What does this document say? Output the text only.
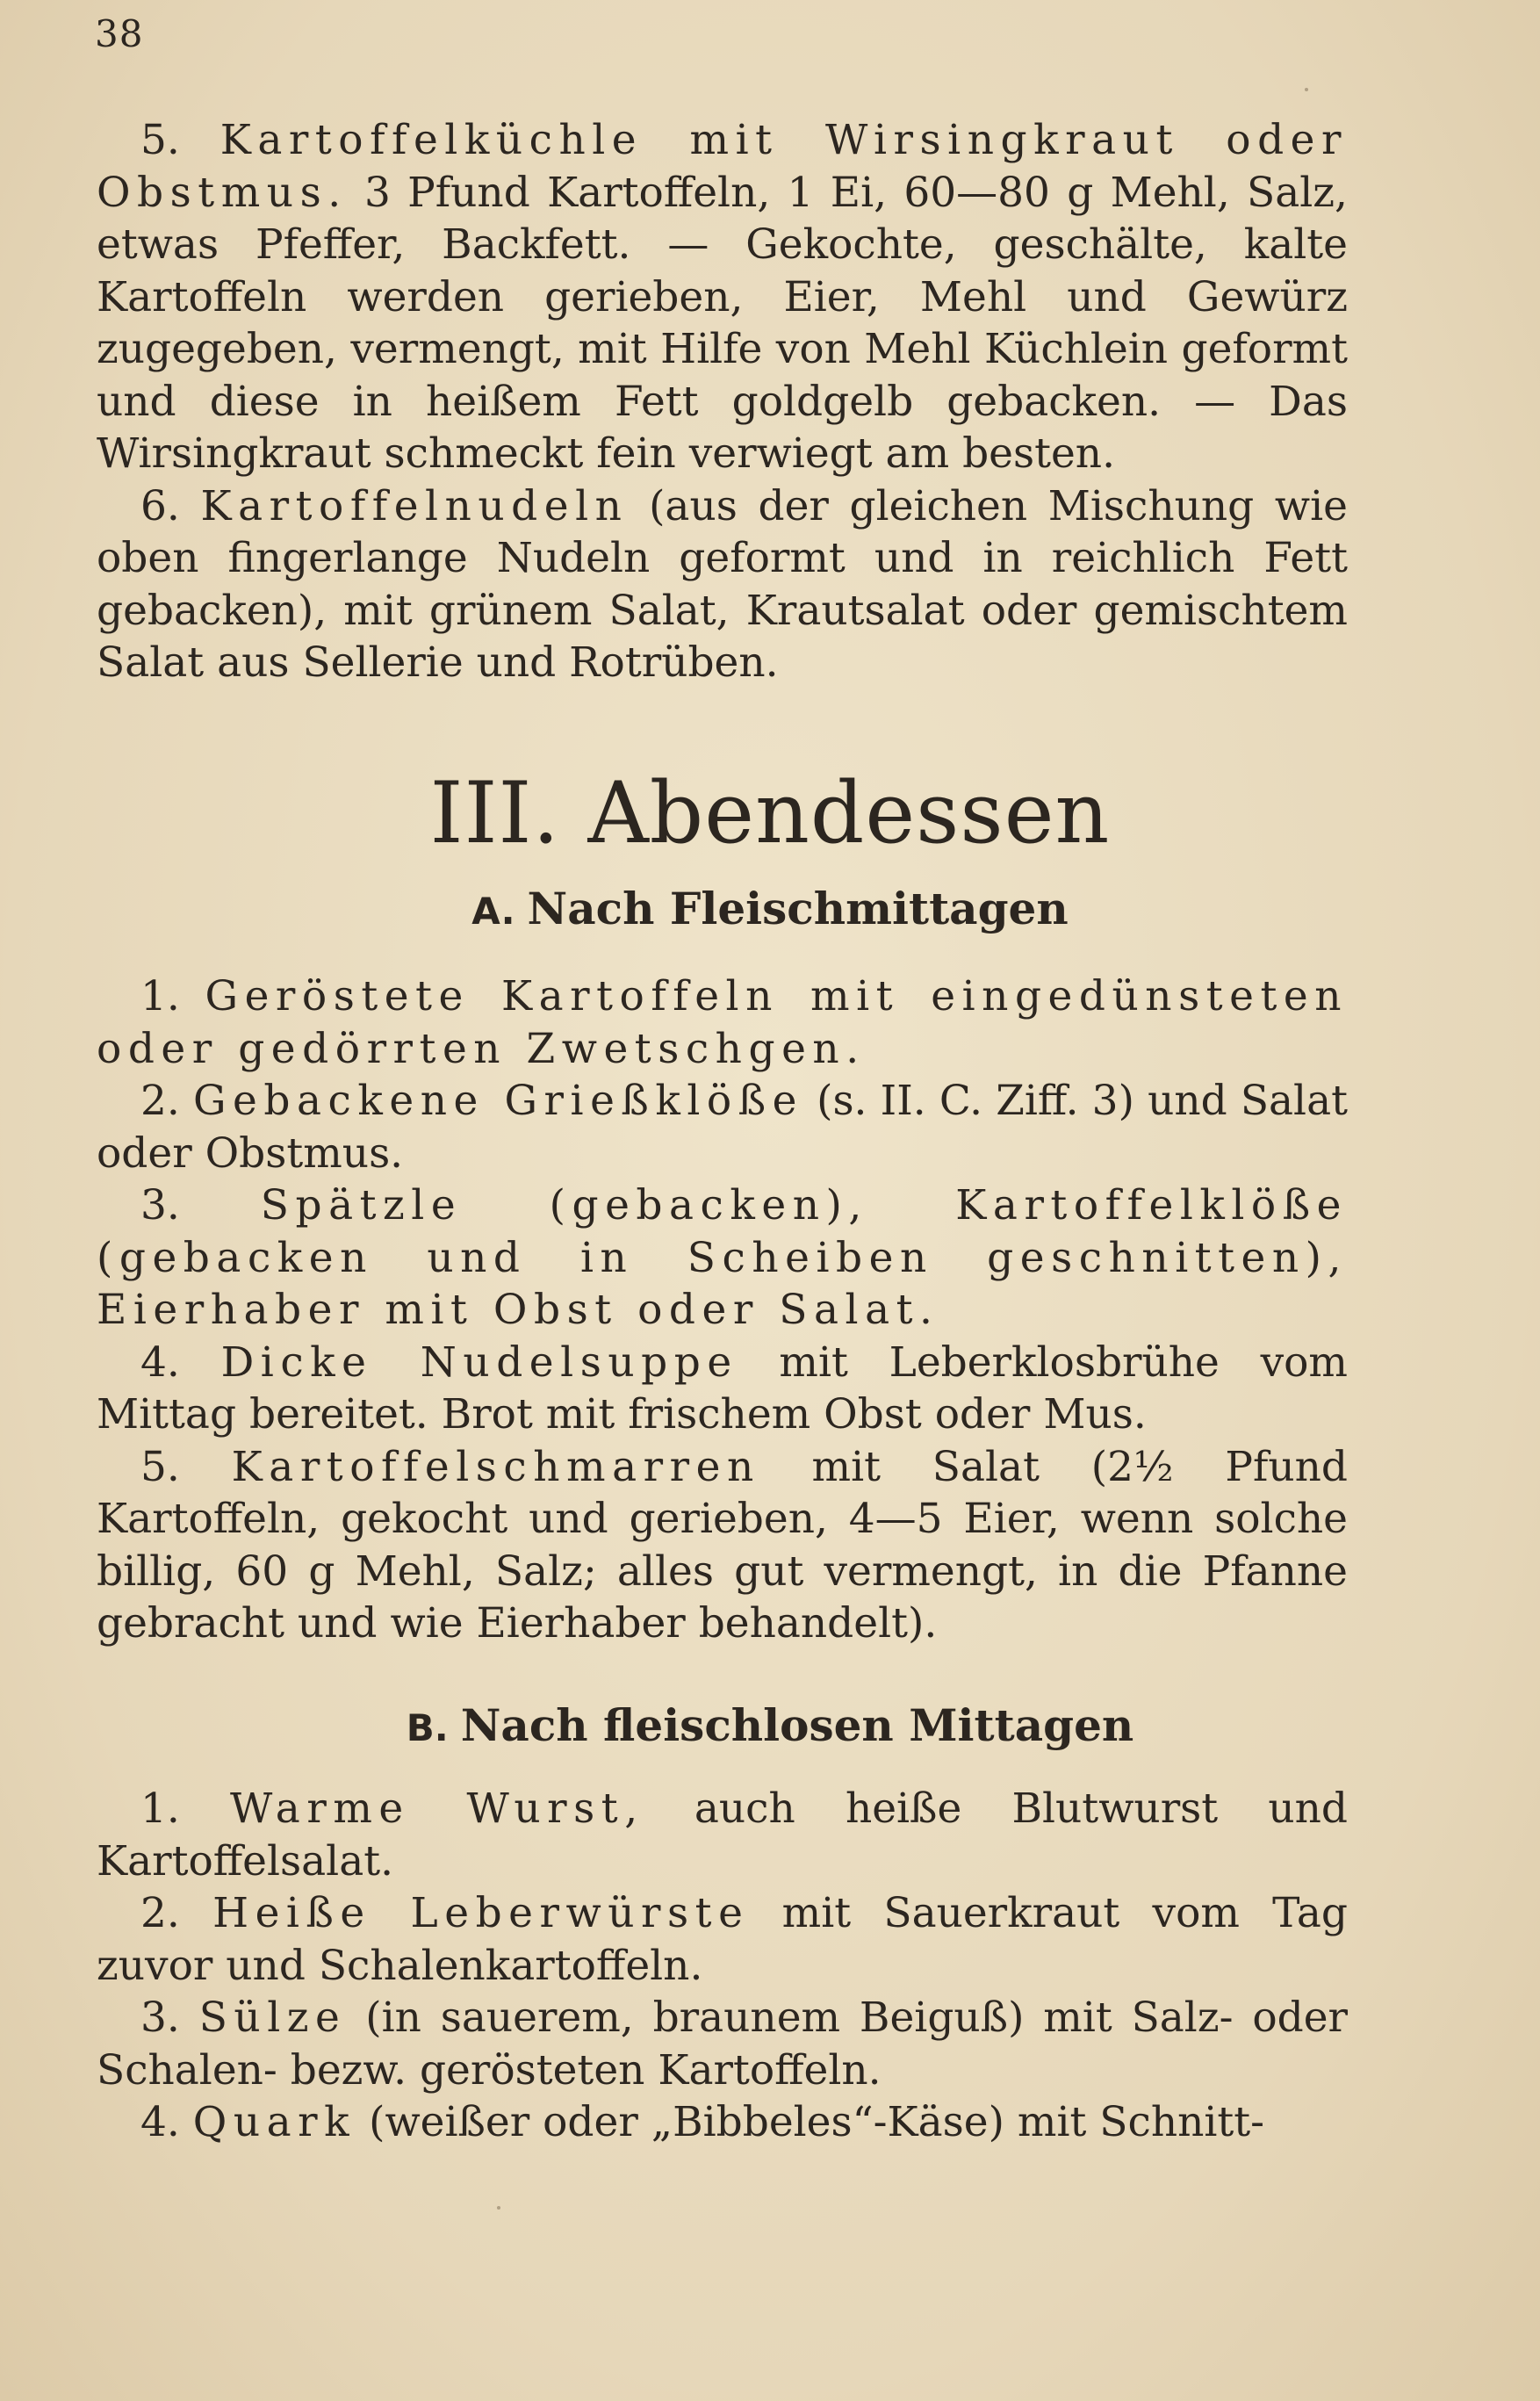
38

5. Kartoffelküchle mit Wirsingkraut oder Obstmus. 3 Pfund Kartoffeln, 1 Ei, 60—80 g Mehl, Salz, etwas Pfeffer, Backfett. — Gekochte, geschälte, kalte Kartoffeln werden gerieben, Eier, Mehl und Gewürz zugegeben, vermengt, mit Hilfe von Mehl Küchlein geformt und diese in heißem Fett goldgelb gebacken. — Das Wirsingkraut schmeckt fein verwiegt am besten.

6. Kartoffelnudeln (aus der gleichen Mischung wie oben fingerlange Nudeln geformt und in reichlich Fett gebacken), mit grünem Salat, Krautsalat oder gemischtem Salat aus Sellerie und Rotrüben.

III. Abendessen
A. Nach Fleischmittagen

1. Geröstete Kartoffeln mit eingedünsteten oder gedörrten Zwetschgen.

2. Gebackene Grießklöße (s. II. C. Ziff. 3) und Salat oder Obstmus.

3. Spätzle (gebacken), Kartoffelklöße (gebacken und in Scheiben geschnitten), Eierhaber mit Obst oder Salat.

4. Dicke Nudelsuppe mit Leberklosbrühe vom Mittag bereitet. Brot mit frischem Obst oder Mus.

5. Kartoffelschmarren mit Salat (2½ Pfund Kartoffeln, gekocht und gerieben, 4—5 Eier, wenn solche billig, 60 g Mehl, Salz; alles gut vermengt, in die Pfanne gebracht und wie Eierhaber behandelt).

B. Nach fleischlosen Mittagen

1. Warme Wurst, auch heiße Blutwurst und Kartoffelsalat.

2. Heiße Leberwürste mit Sauerkraut vom Tag zuvor und Schalenkartoffeln.

3. Sülze (in sauerem, braunem Beiguß) mit Salz- oder Schalen- bezw. gerösteten Kartoffeln.

4. Quark (weißer oder „Bibbeles“-Käse) mit Schnitt-
